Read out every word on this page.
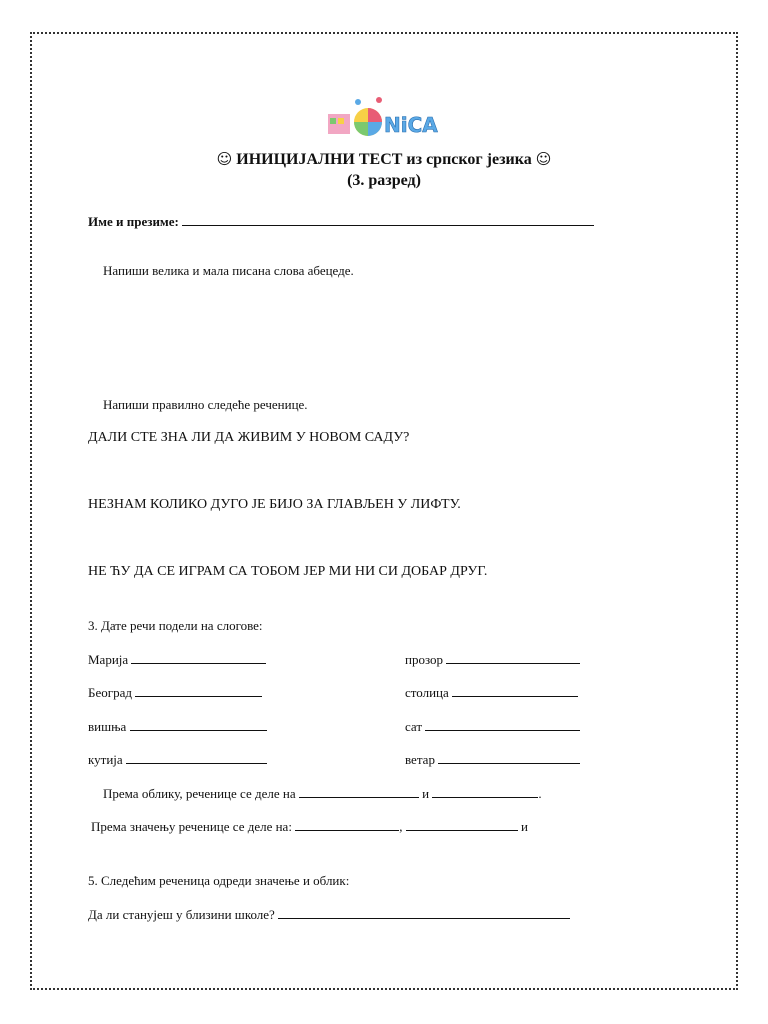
NiCA
☺ ИНИЦИЈАЛНИ ТЕСТ из српског језика ☺
(3. разред)
Име и презиме:
Напиши велика и мала писана слова абецеде.
Напиши правилно следеће реченице.
ДАЛИ СТЕ ЗНА ЛИ ДА ЖИВИМ У НОВОМ САДУ?
НЕЗНАМ КОЛИКО ДУГО ЈЕ БИЈО ЗА ГЛАВЉЕН У ЛИФТУ.
НЕ ЋУ ДА СЕ ИГРАМ СА ТОБОМ ЈЕР МИ НИ СИ ДОБАР ДРУГ.
3. Дате речи подели на слогове:
Марија	прозор
Београд	столица
вишња	сат
кутија	ветар
Према облику, реченице се деле на	и	.
Према значењу реченице се деле на:	,	и
5. Следећим реченица одреди значење и облик:
Да ли станујеш у близини школе?
